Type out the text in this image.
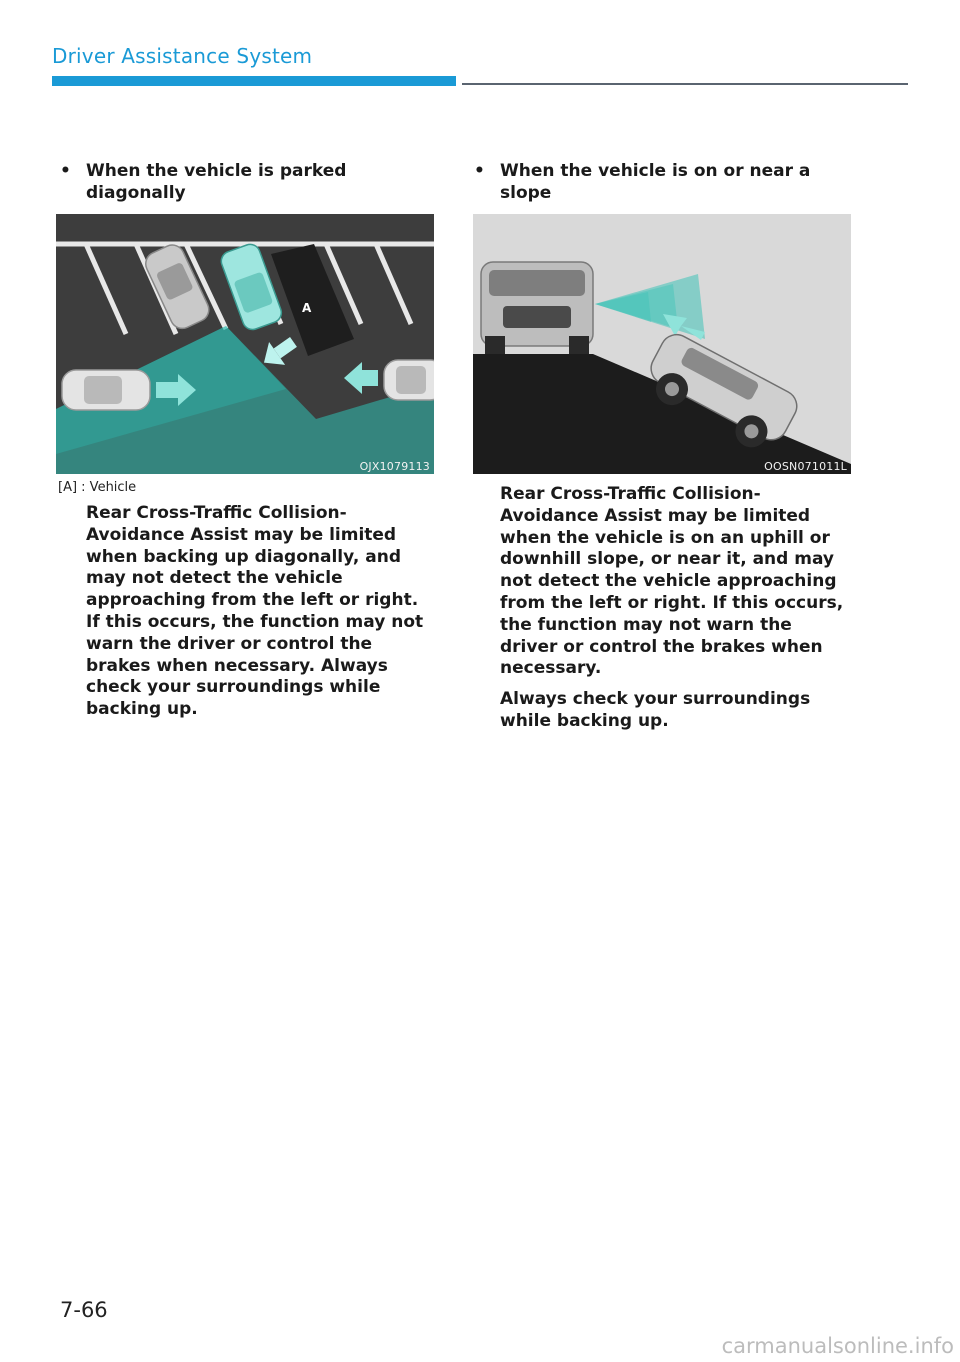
Driver Assistance System
• When the vehicle is parked diagonally
A
OJX1079113
[A] : Vehicle
Rear Cross-Traffic Collision-Avoidance Assist may be limited when backing up diagonally, and may not detect the vehicle approaching from the left or right. If this occurs, the function may not warn the driver or control the brakes when necessary. Always check your surroundings while backing up.
• When the vehicle is on or near a slope
OOSN071011L
Rear Cross-Traffic Collision-Avoidance Assist may be limited when the vehicle is on an uphill or downhill slope, or near it, and may not detect the vehicle approaching from the left or right. If this occurs, the function may not warn the driver or control the brakes when necessary.
Always check your surroundings while backing up.
7-66
carmanualsonline.info
